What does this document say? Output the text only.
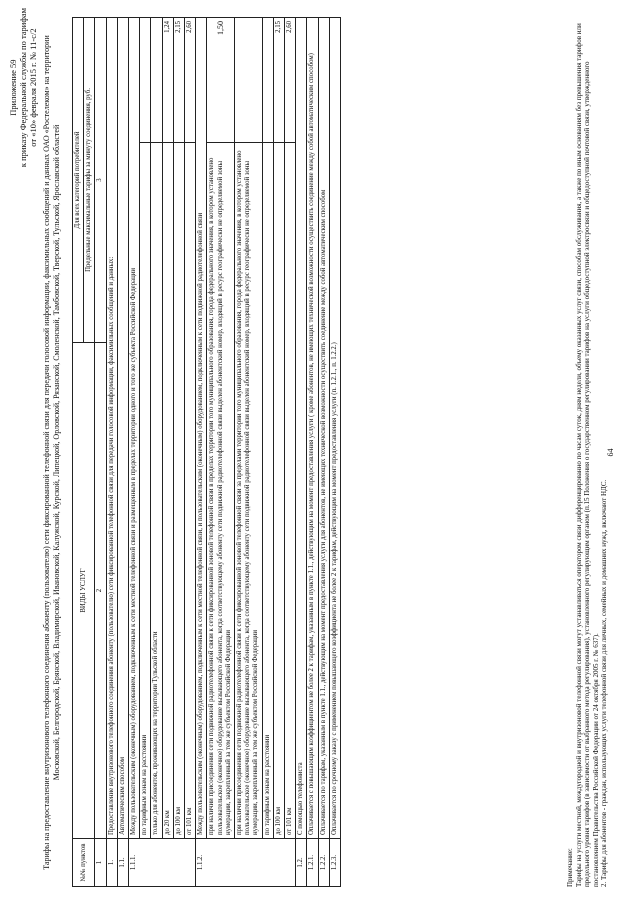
Приложение 59 к приказу Федеральной службы по тарифам от «10» февраля 2015 г. № 11-с/2 Тарифы на предоставление внутризонового телефонного соединения абоненту (пользователю) сети фиксированной телефонной связи для передачи голосовой информации, факсимильных сообщений и данных ОАО «Ростелеком» на территории Московской, Белгородской, Брянской, Владимирской, Ивановской, Калужской, Курской, Липецкой, Орловской, Рязанской, Смоленской, Тамбовской, Тверской, Тульской, Ярославской областей
№№ пунктов	ВИДЫ УСЛУГ	Для всех категорий потребителей	
		Предельные максимальные тарифы за минуту соединения, руб.	
1	2	3	
1.	Предоставление внутризонового телефонного соединения абоненту (пользователю) сети фиксированной телефонной связи для передачи голосовой информации, факсимильных сообщений и данных:		
1.1.	Автоматическим способом		
1.1.1.	Между пользовательским (оконечным) оборудованием, подключенным к сети местной телефонной связи и размещенным в пределах территории одного и того же субъекта Российской Федерации		
	по тарифным зонам на расстоянии		
	только для абонентов, проживающих на территории Тульской области		
	до 20 км		1,24
	до 100 км		2,15
	от 101 км		2,60
1.1.2.	Между пользовательским (оконечным) оборудованием, подключенным к сети местной телефонной связи, и пользовательским (оконечным) оборудованием, подключенным к сети подвижной радиотелефонной связи		
	при наличии присоединения сети подвижной радиотелефонной связи к сети фиксированной зоновой телефонной связи в пределах территории того муниципального образования, города федерального значения, в котором установлено пользовательское (оконечное) оборудование вызывающего абонента, когда соответствующему абоненту сети подвижной радиотелефонной связи выделен абонентский номер, входящий в ресурс географически не определяемой зоны нумерации, закрепленный за тем же субъектом Российской Федерации		1,50
	при наличии присоединения сети подвижной радиотелефонной связи к сети фиксированной зоновой телефонной связи за пределами территории того муниципального образования, города федерального значения, в котором установлено пользовательское (оконечное) оборудование вызывающего абонента, когда соответствующему абоненту сети подвижной радиотелефонной связи выделен абонентский номер, входящий в ресурс географически не определяемой зоны нумерации, закрепленный за тем же субъектом Российской Федерации		
	по тарифным зонам на расстоянии		
	до 100 км		2,15
	от 101 км		2,60
1.2.	С помощью телефониста		
1.2.1.	Оплачивается с повышающим коэффициентом не более 2 к тарифам, указанным в пункте 1.1., действующим на момент предоставления услуги ( кроме абонентов, не имеющих технической возможности осуществить соединение между собой автоматическим способом)		
1.2.2.	Оплачивается по тарифам, указанным в пункте 1.1., действующим на момент предоставления услуги для абонентов, не имеющих технической возможности осуществить соединение между собой автоматическим способом		
1.2.3.	Оплачивается по срочному заказу с применением повышающего коэффициента не более 2 к тарифам, действующим на момент предоставления услуги (п. 1.2.1., п. 1.2.2.)		

Примечание: Тарифы на услуги местной, междугородной и внутризоновой телефонной связи могут устанавливаться оператором связи дифференцированно по часам суток, дням недели, объему оказанных услуг связи, способам обслуживания, а также по иным основаниям без превышения тарифов или предельного уровня тарифов (в зависимости от выбранного метода регулирования), установленного регулирующим органом (п.15 Положения о государственном регулировании тарифов на услуги общедоступной электросвязи и общедоступной почтовой связи, утвержденного постановлением Правительства Российской Федерации от 24 октября 2005 г. № 637). 2. Тарифы для абонентов - граждан, использующих услуги телефонной связи для личных, семейных и домашних нужд, включают НДС.

64
